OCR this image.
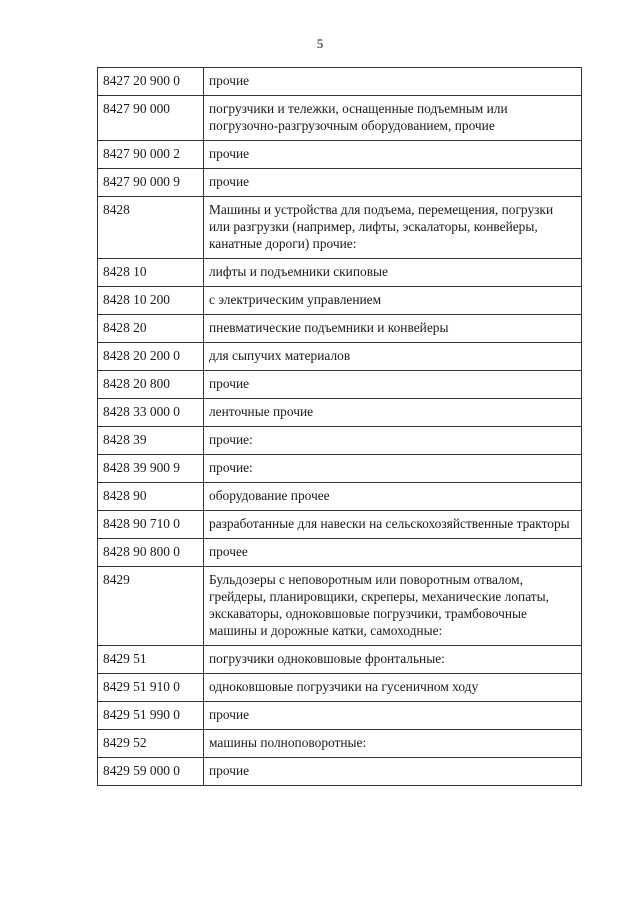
5
8427 20 900 0	прочие
8427 90 000	погрузчики и тележки, оснащенные подъемным или погрузочно-разгрузочным оборудованием, прочие
8427 90 000 2	прочие
8427 90 000 9	прочие
8428	Машины и устройства для подъема, перемещения, погрузки или разгрузки (например, лифты, эскалаторы, конвейеры, канатные дороги) прочие:
8428 10	лифты и подъемники скиповые
8428 10 200	с электрическим управлением
8428 20	пневматические подъемники и конвейеры
8428 20 200 0	для сыпучих материалов
8428 20 800	прочие
8428 33 000 0	ленточные прочие
8428 39	прочие:
8428 39 900 9	прочие:
8428 90	оборудование прочее
8428 90 710 0	разработанные для навески на сельскохозяйственные тракторы
8428 90 800 0	прочее
8429	Бульдозеры с неповоротным или поворотным отвалом, грейдеры, планировщики, скреперы, механические лопаты, экскаваторы, одноковшовые погрузчики, трамбовочные машины и дорожные катки, самоходные:
8429 51	погрузчики одноковшовые фронтальные:
8429 51 910 0	одноковшовые погрузчики на гусеничном ходу
8429 51 990 0	прочие
8429 52	машины полноповоротные:
8429 59 000 0	прочие
